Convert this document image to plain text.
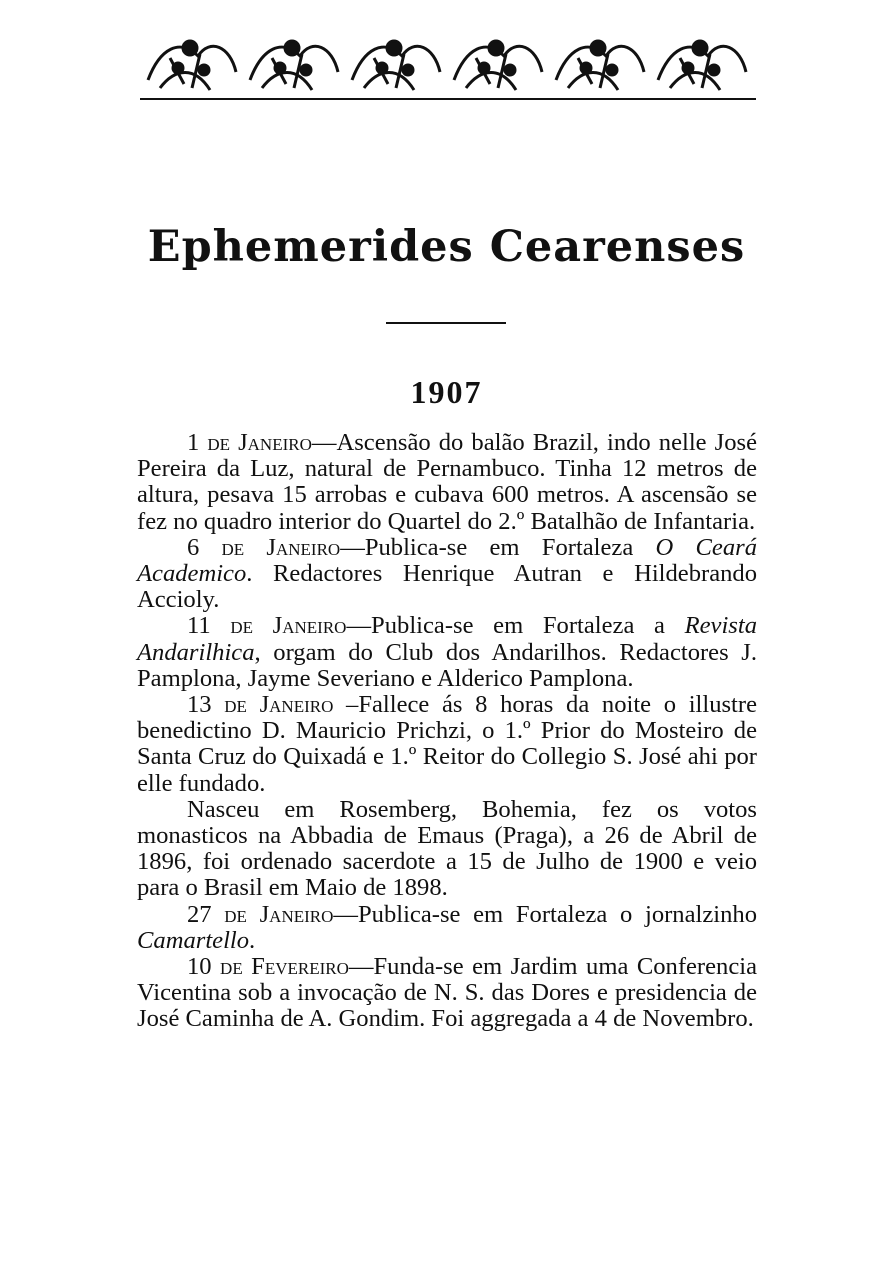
Ephemerides Cearenses
1907

1 de Janeiro—Ascensão do balão Brazil, indo nelle José Pereira da Luz, natural de Pernambuco. Tinha 12 metros de altura, pesava 15 arrobas e cubava 600 metros. A ascensão se fez no quadro interior do Quartel do 2.º Batalhão de Infantaria.

6 de Janeiro—Publica-se em Fortaleza O Ceará Academico. Redactores Henrique Autran e Hildebrando Accioly.

11 de Janeiro—Publica-se em Fortaleza a Revista Andarilhica, orgam do Club dos Andarilhos. Redactores J. Pamplona, Jayme Severiano e Alderico Pamplona.

13 de Janeiro –Fallece ás 8 horas da noite o illustre benedictino D. Mauricio Prichzi, o 1.º Prior do Mosteiro de Santa Cruz do Quixadá e 1.º Reitor do Collegio S. José ahi por elle fundado.

Nasceu em Rosemberg, Bohemia, fez os votos monasticos na Abbadia de Emaus (Praga), a 26 de Abril de 1896, foi ordenado sacerdote a 15 de Julho de 1900 e veio para o Brasil em Maio de 1898.

27 de Janeiro—Publica-se em Fortaleza o jornalzinho Camartello.

10 de Fevereiro—Funda-se em Jardim uma Conferencia Vicentina sob a invocação de N. S. das Dores e presidencia de José Caminha de A. Gondim. Foi aggregada a 4 de Novembro.
